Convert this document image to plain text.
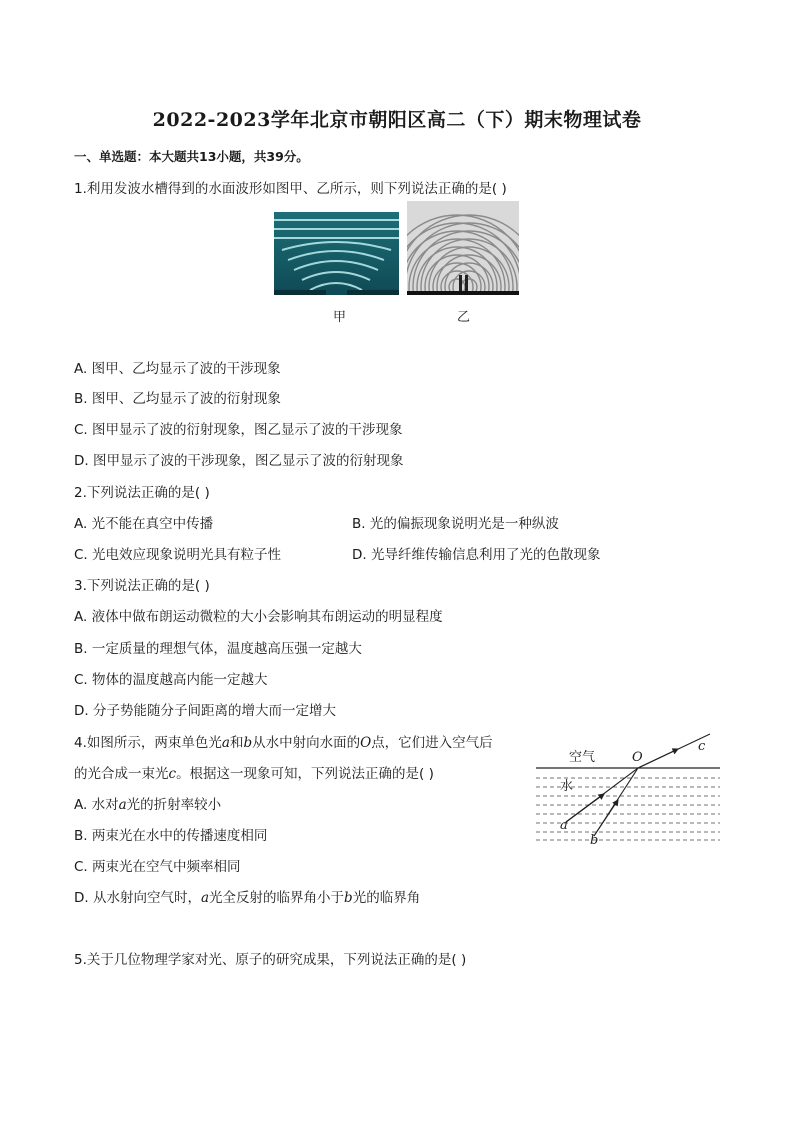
2022-2023学年北京市朝阳区高二（下）期末物理试卷
一、单选题：本大题共13小题，共39分。
1.利用发波水槽得到的水面波形如图甲、乙所示，则下列说法正确的是( )
甲	乙
A. 图甲、乙均显示了波的干涉现象
B. 图甲、乙均显示了波的衍射现象
C. 图甲显示了波的衍射现象，图乙显示了波的干涉现象
D. 图甲显示了波的干涉现象，图乙显示了波的衍射现象
2.下列说法正确的是( )
A. 光不能在真空中传播	B. 光的偏振现象说明光是一种纵波
C. 光电效应现象说明光具有粒子性	D. 光导纤维传输信息利用了光的色散现象
3.下列说法正确的是( )
A. 液体中做布朗运动微粒的大小会影响其布朗运动的明显程度
B. 一定质量的理想气体，温度越高压强一定越大
C. 物体的温度越高内能一定越大
D. 分子势能随分子间距离的增大而一定增大
4.如图所示，两束单色光a和b从水中射向水面的O点，它们进入空气后
的光合成一束光c。根据这一现象可知，下列说法正确的是( )
A. 水对a光的折射率较小
B. 两束光在水中的传播速度相同
C. 两束光在空气中频率相同
D. 从水射向空气时，a光全反射的临界角小于b光的临界角
空气
水
O
a
b
c
5.关于几位物理学家对光、原子的研究成果，下列说法正确的是( )
